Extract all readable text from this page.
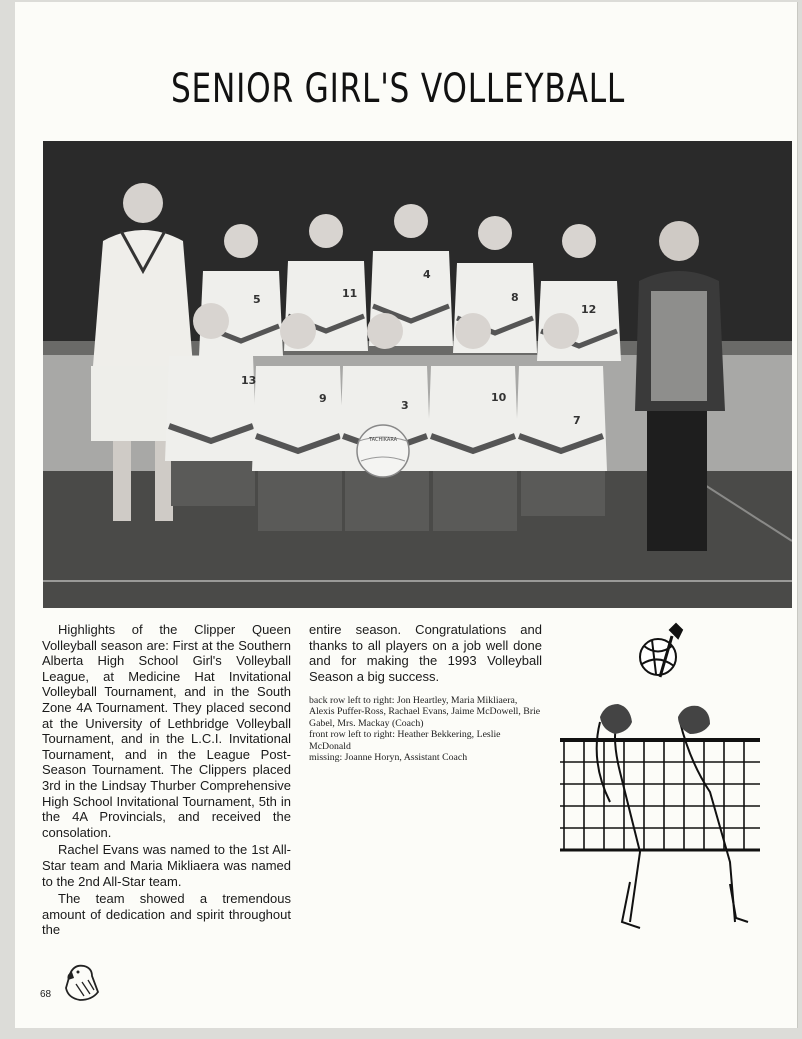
SENIOR GIRL'S VOLLEYBALL
5	11
4
8
12
13
9
3
10
7
TACHIKARA

Highlights of the Clipper Queen Volleyball season are: First at the Southern Alberta High School Girl's Volleyball League, at Medicine Hat Invitational Volleyball Tournament, and in the South Zone 4A Tournament. They placed second at the University of Lethbridge Volleyball Tournament, and in the L.C.I. Invitational Tournament, and in the League Post-Season Tournament. The Clippers placed 3rd in the Lindsay Thurber Comprehensive High School Invitational Tournament, 5th in the 4A Provincials, and received the consolation.

Rachel Evans was named to the 1st All-Star team and Maria Mikliaera was named to the 2nd All-Star team.

The team showed a tremendous amount of dedication and spirit throughout the

entire season. Congratulations and thanks to all players on a job well done and for making the 1993 Volleyball Season a big success.

back row left to right: Jon Heartley, Maria Mikliaera, Alexis Puffer-Ross, Rachael Evans, Jaime McDowell, Brie Gabel, Mrs. Mackay (Coach)
front row left to right: Heather Bekkering, Leslie McDonald
missing: Joanne Horyn, Assistant Coach
68
